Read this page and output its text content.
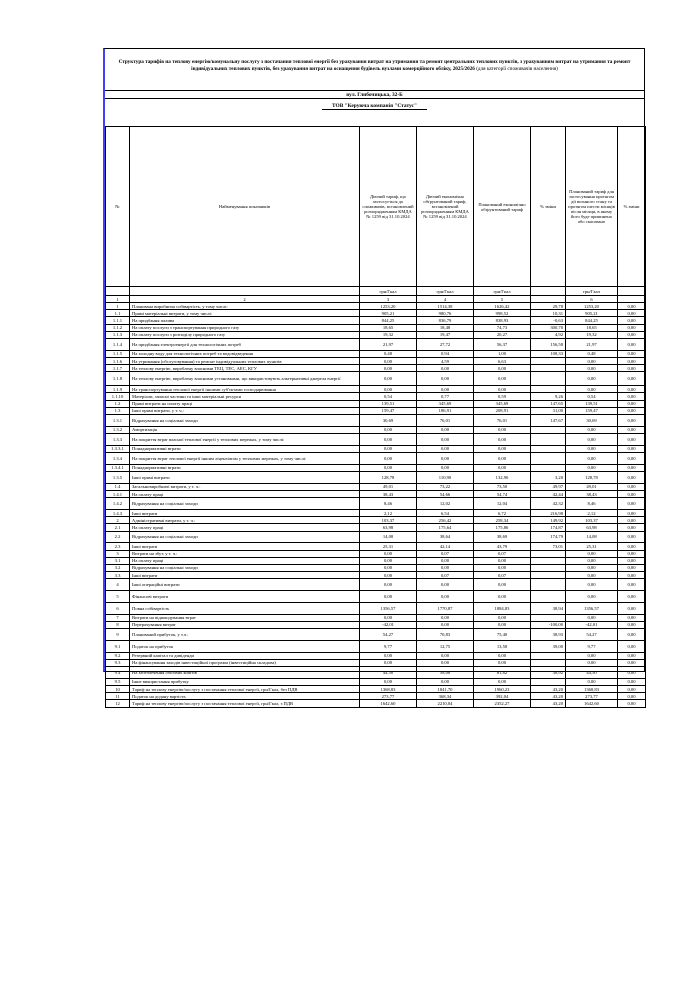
Структура тарифів на теплову енергію/комунальну послугу з постачання теплової енергії без урахування витрат на утримання та ремонт центральних теплових пунктів, з урахуванням витрат на утримання та ремонт індивідуальних теплових пунктів, без урахування витрат на оснащення будівель вузлами комерційного обліку, 2025/2026 (для категорії споживачів населення)
вул. Глибочицька, 32-Б
ТОВ "Керуюча компанія "Статус"
№	Найменування показників	Діючий тариф, що застосується до споживачів, встановлений розпорядженням КМДА № 1259 від 31.10.2024	Діючий економічно обґрунтований тариф, встановлений розпорядженням КМДА № 1259 від 31.10.2024	Планований економічно обґрунтований тариф	% зміни	Планований тариф для застосування протягом дії воєнного стану та протягом шести місяців після місяця, в якому його буде припинено або скасовано	% зміни
		грн/Гкал	грн/Гкал	грн/Гкал		грн/Гкал	
1	2	3	4	5		6	
1	Планована виробнича собівартість, у тому числі:	1253,20	1514,38	1626,42	29,78	1253,20	0,00
1.1	Прямі матеріальні витрати, у тому числі:	905,21	980,76	998,52	10,31	905,21	0,00
1.1.1	На придбання палива	844,25	836,79	838,93	-0,63	844,25	0,00
1.1.2	На оплату послуги з транспортування природного газу	18,65	18,48	74,73	300,70	18,65	0,00
1.1.3	На оплату послуги з розподілу природного газу	19,32	19,47	20,27	4,92	19,32	0,00
1.1.4	На придбання електроенергії для технологічних потреб	21,97	27,72	56,37	156,58	21,97	0,00
1.1.5	На холодну воду для технологічних потреб та водовідведення	0,48	0,94	1,00	108,33	0,48	0,00
1.1.6	На утримання (обслуговування) та ремонт індивідуальних теплових пунктів	0,00	4,59	6,63		0,00	0,00
1.1.7	На теплову енергію, вироблену власними ТЕЦ, ТЕС, АЕС, КГУ	0,00	0,00	0,00		0,00	0,00
1.1.8	На теплову енергію, вироблену власними установками, що використовують альтернативні джерела енергії	0,00	0,00	0,00		0,00	0,00
1.1.9	На транспортування теплової енергії іншими суб'єктами господарювання	0,00	0,00	0,00		0,00	0,00
1.1.10	Матеріали, запасні частини та інші матеріальні ресурси	0,54	0,77	0,59	9,26	0,54	0,00
1.2	Прямі витрати на оплату праці	139,51	345,69	345,69	147,65	139,51	0,00
1.3	Інші прямі витрати, у т. ч.:	159,47	186,91	208,91	31,00	159,47	0,00
1.3.1	Відрахування на соціальні заходи	30,69	76,01	76,01	147,67	30,69	0,00
1.3.2	Амортизація	0,00	0,00	0,00		0,00	0,00
1.3.3	На покриття втрат власної теплової енергії у теплових мережах, у тому числі:	0,00	0,00	0,00		0,00	0,00
1.3.3.1	Понаднормативні втрати	0,00	0,00	0,00		0,00	0,00
1.3.4	На покриття втрат теплової енергії іншим ліцензіатом у теплових мережах, у тому числі:	0,00	0,00	0,00		0,00	0,00
1.3.4.1	Понаднормативні втрати	0,00	0,00	0,00		0,00	0,00
1.3.5	Інші прямі витрати	128,78	110,90	132,90	3,20	128,78	0,00
1.4	Загальновиробничі витрати, у т. ч.:	49,01	73,22	73,50	49,97	49,01	0,00
1.4.1	На оплату праці	38,43	54,66	54,74	42,44	38,43	0,00
1.4.2	Відрахування на соціальні заходи	8,46	12,02	12,04	42,32	8,46	0,00
1.4.3	Інші витрати	2,12	6,54	6,72	216,98	2,12	0,00
2	Адміністративні витрати, у т. ч.:	103,37	256,42	258,34	149,92	103,37	0,00
2.1	На оплату праці	63,98	175,64	175,86	174,87	63,98	0,00
2.2	Відрахування на соціальні заходи	14,08	38,64	38,69	174,79	14,08	0,00
2.3	Інші витрати	25,31	42,14	43,79	73,01	25,31	0,00
3	Витрати на збут, у т. ч.:	0,00	0,07	0,07		0,00	0,00
3.1	На оплату праці	0,00	0,00	0,00		0,00	0,00
3.2	Відрахування на соціальні заходи	0,00	0,00	0,00		0,00	0,00
3.3	Інші витрати	0,00	0,07	0,07		0,00	0,00
4	Інші операційні витрати	0,00	0,00	0,00		0,00	0,00
5	Фінансові витрати	0,00	0,00	0,00		0,00	0,00
6	Повна собівартість	1356,57	1770,87	1884,83	38,94	1356,57	0,00
7	Витрати на відшкодування втрат	0,00	0,00	0,00		0,00	0,00
8	Перерахування витрат	-42,01	0,00	0,00	-100,00	-42,01	0,00
9	Планований прибуток, у т.ч.:	54,27	70,83	75,40	38,93	54,27	0,00
9.1	Податок на прибуток	9,77	12,75	13,58	39,00	9,77	0,00
9.2	Резервний капітал та дивіденди	0,00	0,00	0,00		0,00	0,00
9.3	На фінансування заходів інвестиційної програми (інвестиційна складова)	0,00	0,00	0,00		0,00	0,00
9.4	На забезпечення обігових коштів	44,50	58,08	61,82	38,92	44,50	0,00
9.5	Інше використання прибутку	0,00	0,00	0,00		0,00	0,00
10	Тариф на теплову енергію/послугу з постачання теплової енергії, грн/Гкал, без ПДВ	1368,83	1841,70	1960,23	43,20	1368,83	0,00
11	Податок на додану вартість	273,77	368,34	392,04	43,20	273,77	0,00
12	Тариф на теплову енергію/послугу з постачання теплової енергії, грн/Гкал, з ПДВ	1642,60	2210,04	2352,27	43,20	1642,60	0,00
